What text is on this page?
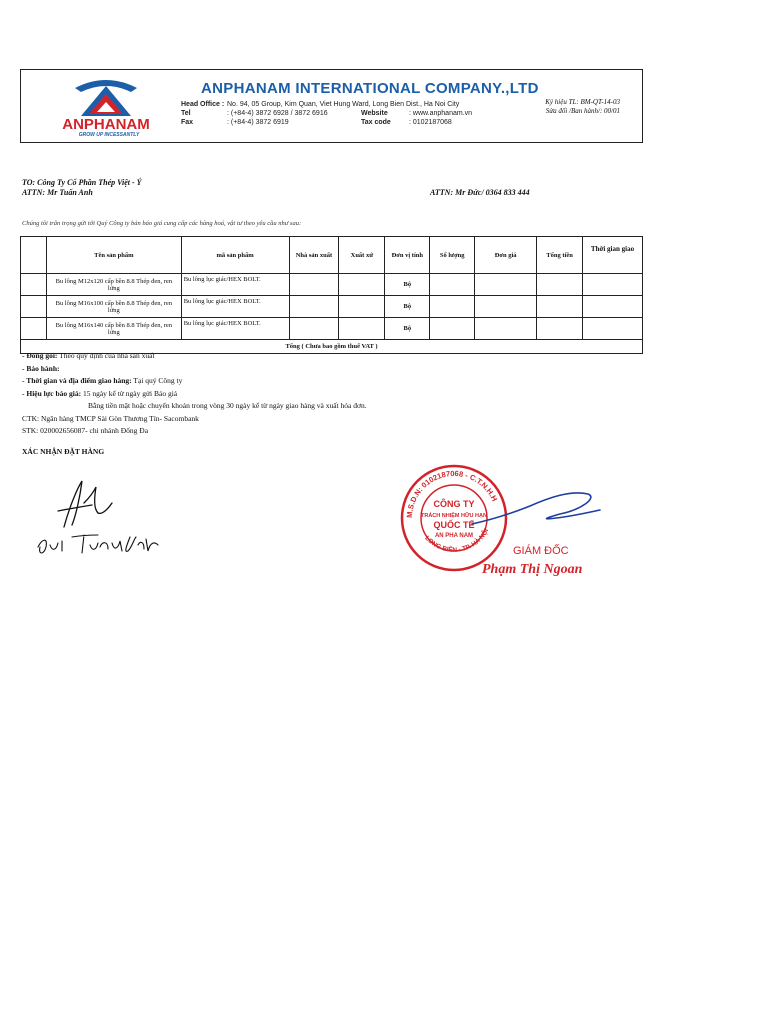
ANPHANAM
GROW UP INCESSANTLY
ANPHANAM INTERNATIONAL COMPANY.,LTD
Head Office : No. 94, 05 Group, Kim Quan, Viet Hung Ward, Long Bien Dist., Ha Noi City
Tel	: (+84-4) 3872 6928 / 3872 6916	Website	: www.anphanam.vn
Fax	: (+84-4) 3872 6919	Tax code	: 0102187068
Ký hiệu TL: BM-QT-14-03
Sửa đổi /Ban hành/: 00/01
TO: Công Ty Cổ Phần Thép Việt - Ý
ATTN: Mr Tuấn Anh	ATTN: Mr Đức/ 0364 833 444
Chúng tôi trân trọng gửi tới Quý Công ty bản báo giá cung cấp các hàng hoá, vật tư theo yêu cầu như sau:
	Tên sản phẩm	mã sản phẩm	Nhà sản xuất	Xuất xứ	Đơn vị tính	Số lượng	Đơn giá	Tổng tiền	Thời gian giao
	Bu lông M12x120 cấp bền 8.8 Thép đen, ren lửng	Bu lông lục giác/HEX BOLT.			Bộ				
	Bu lông M16x100 cấp bền 8.8 Thép đen, ren lửng	Bu lông lục giác/HEX BOLT.			Bộ				
	Bu lông M16x140 cấp bền 8.8 Thép đen, ren lửng	Bu lông lục giác/HEX BOLT.			Bộ				
Tổng ( Chưa bao gồm thuế VAT )									
- Đóng gói: Theo quy định của nhà sản xuất
- Bảo hành:
- Thời gian và địa điểm giao hàng: Tại quý Công ty
- Hiệu lực báo giá: 15 ngày kể từ ngày gửi Báo giá
Bằng tiền mặt hoặc chuyển khoản trong vòng 30 ngày kể từ ngày giao hàng và xuất hóa đơn.
CTK: Ngân hàng TMCP Sài Gòn Thương Tín- Sacombank
STK: 020002656087- chi nhánh Đống Đa
XÁC NHẬN ĐẶT HÀNG
M.S.D.N: 0102187068 - C.T.N.H.H
LONG BIÊN - TP. HÀ NỘI
CÔNG TY
TRÁCH NHIỆM HỮU HẠN
QUỐC TẾ
AN PHA NAM
GIÁM ĐỐC
Phạm Thị Ngoan
